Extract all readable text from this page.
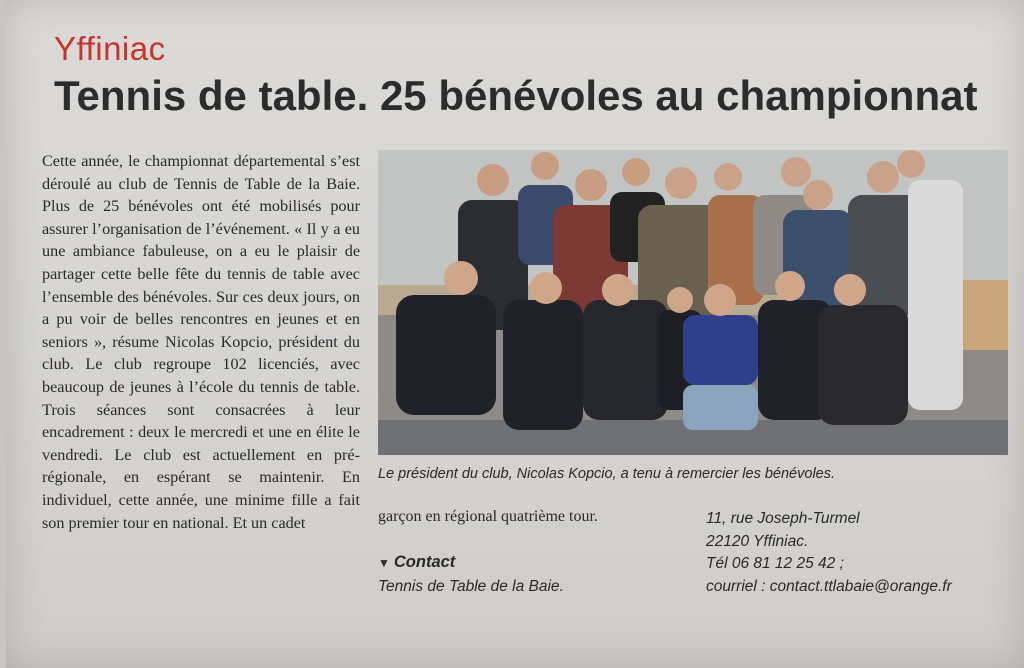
Yffiniac
Tennis de table. 25 bénévoles au championnat
Cette année, le championnat départemental s’est déroulé au club de Tennis de Table de la Baie. Plus de 25 bénévoles ont été mobilisés pour assurer l’organisation de l’événement. « Il y a eu une ambiance fabuleuse, on a eu le plaisir de partager cette belle fête du tennis de table avec l’ensemble des bénévoles. Sur ces deux jours, on a pu voir de belles rencontres en jeunes et en seniors », résume Nicolas Kopcio, président du club. Le club regroupe 102 licenciés, avec beaucoup de jeunes à l’école du tennis de table. Trois séances sont consacrées à leur encadrement : deux le mercredi et une en élite le vendredi. Le club est actuellement en pré-régionale, en espérant se maintenir. En individuel, cette année, une minime fille a fait son premier tour en national. Et un cadet
Le président du club, Nicolas Kopcio, a tenu à remercier les bénévoles.
garçon en régional quatrième tour.
▼ Contact
Tennis de Table de la Baie.
11, rue Joseph-Turmel
22120 Yffiniac.
Tél 06 81 12 25 42 ;
courriel : contact.ttlabaie@orange.fr
